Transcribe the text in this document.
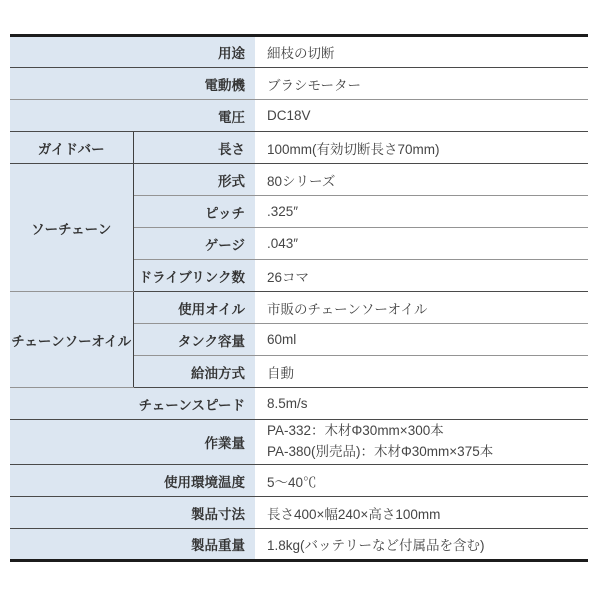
用途		細枝の切断
電動機		ブラシモーター
電圧		DC18V
ガイドバー	長さ	100mm(有効切断長さ70mm)
ソーチェーン	形式	80シリーズ
	ピッチ	.325″
	ゲージ	.043″
	ドライブリンク数	26コマ
チェーンソーオイル	使用オイル	市販のチェーンソーオイル
	タンク容量	60ml
	給油方式	自動
チェーンスピード		8.5m/s
作業量		PA-332：木材Φ30mm×300本
PA-380(別売品)：木材Φ30mm×375本

使用環境温度		5～40℃
製品寸法		長さ400×幅240×高さ100mm
製品重量		1.8kg(バッテリーなど付属品を含む)
